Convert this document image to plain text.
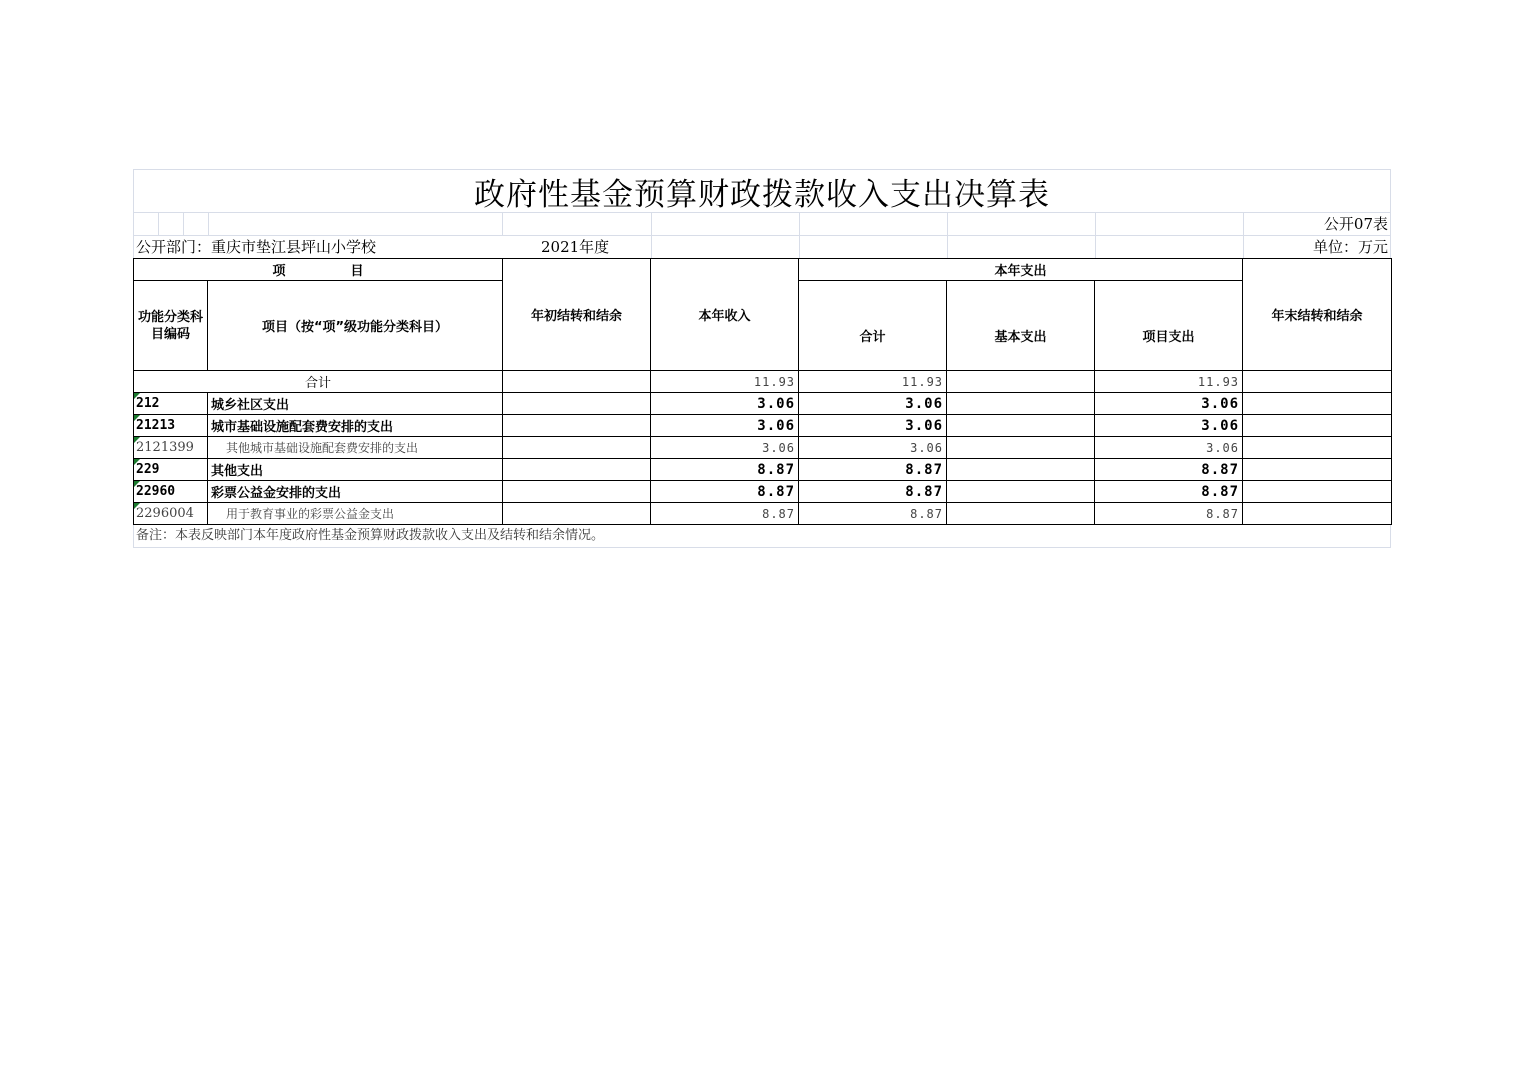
政府性基金预算财政拨款收入支出决算表
公开07表
公开部门：重庆市垫江县坪山小学校	2021年度	单位：万元
项　　　　　目		年初结转和结余	本年收入	本年支出			年末结转和结余
功能分类科目编码	项目（按“项”级功能分类科目）			合计	基本支出	项目支出	
合计			11.93	11.93		11.93	

212	城乡社区支出		3.06	3.06		3.06	

21213	城市基础设施配套费安排的支出		3.06	3.06		3.06	

2121399	其他城市基础设施配套费安排的支出		3.06	3.06		3.06	

229	其他支出		8.87	8.87		8.87	

22960	彩票公益金安排的支出		8.87	8.87		8.87	

2296004	用于教育事业的彩票公益金支出		8.87	8.87		8.87	
备注：本表反映部门本年度政府性基金预算财政拨款收入支出及结转和结余情况。
